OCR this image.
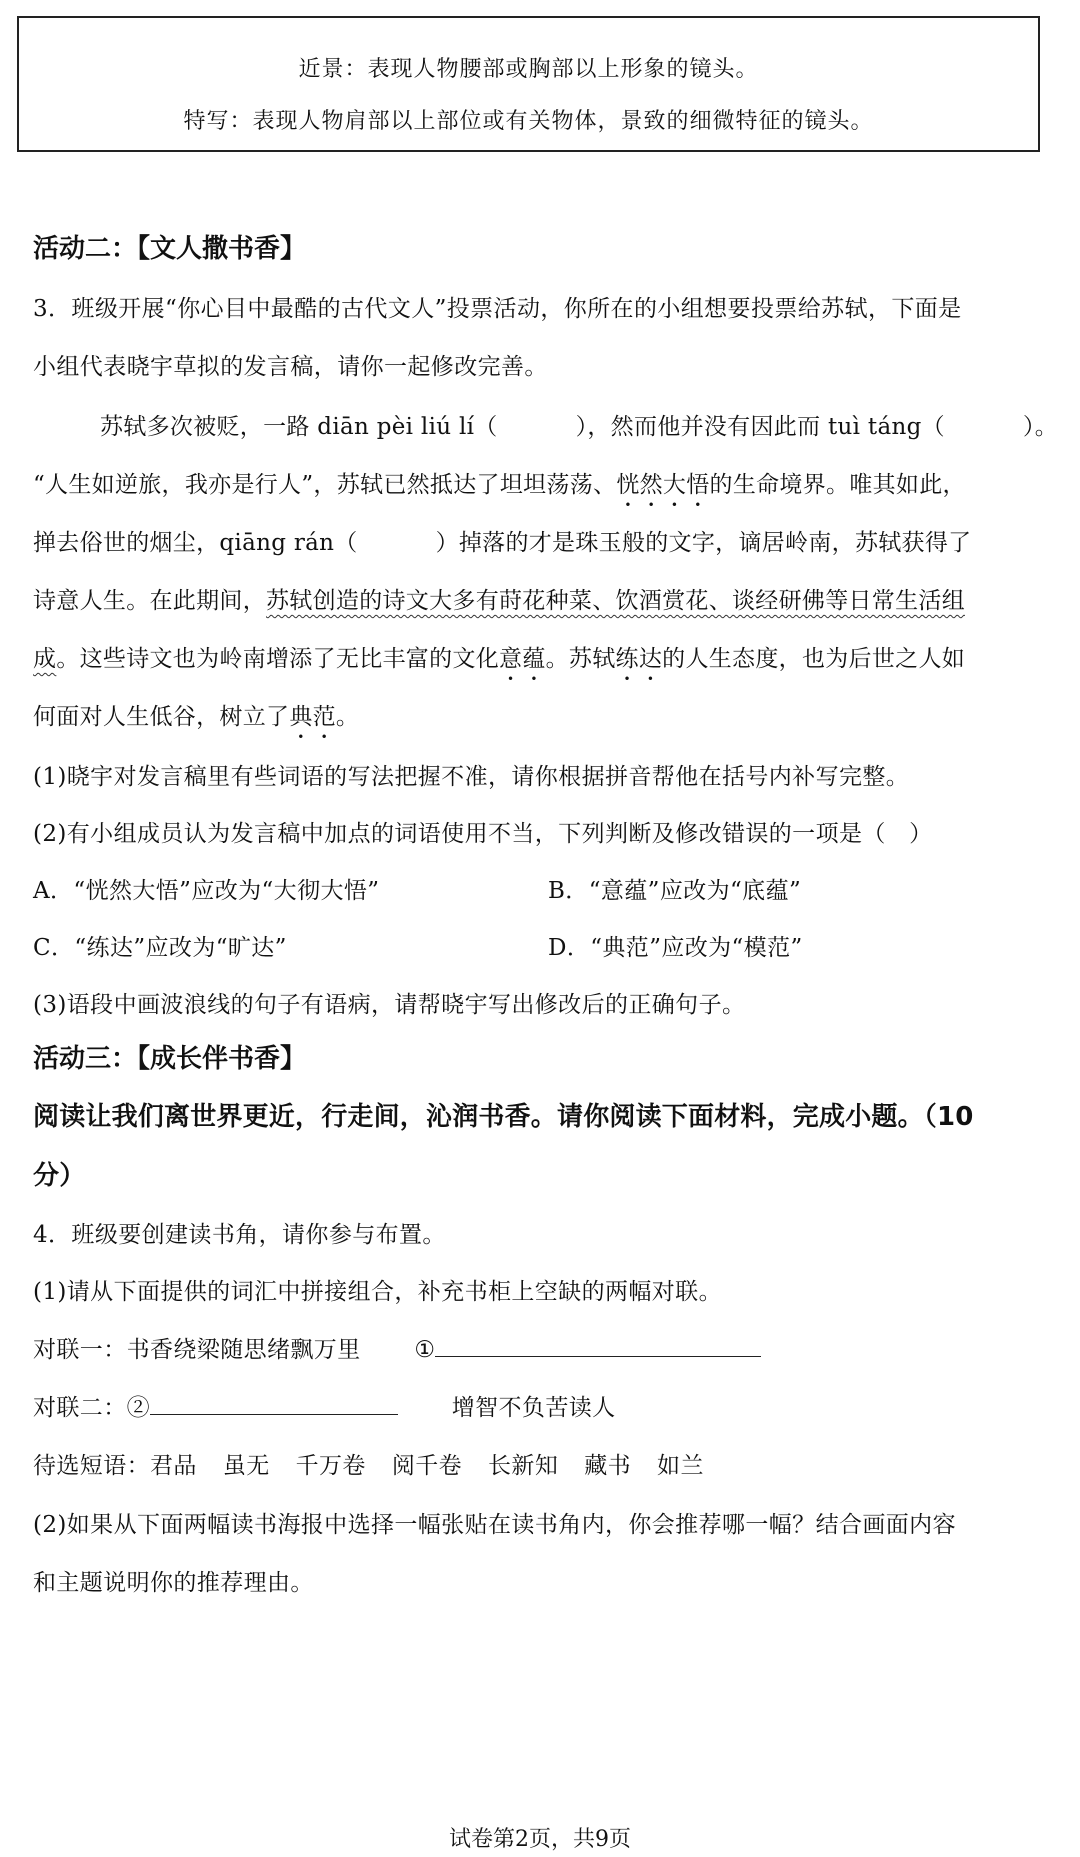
近景：表现人物腰部或胸部以上形象的镜头。
特写：表现人物肩部以上部位或有关物体，景致的细微特征的镜头。
活动二：【文人撒书香】
3．班级开展“你心目中最酷的古代文人”投票活动，你所在的小组想要投票给苏轼，下面是
小组代表晓宇草拟的发言稿，请你一起修改完善。
苏轼多次被贬，一路 diān pèi liú lí（	），然而他并没有因此而 tuì táng（	）。
“人生如逆旅，我亦是行人”，苏轼已然抵达了坦坦荡荡、恍然大悟的生命境界。唯其如此，
掸去俗世的烟尘，qiāng rán（	）掉落的才是珠玉般的文字，谪居岭南，苏轼获得了
诗意人生。在此期间，苏轼创造的诗文大多有莳花种菜、饮酒赏花、谈经研佛等日常生活组
成。这些诗文也为岭南增添了无比丰富的文化意蕴。苏轼练达的人生态度，也为后世之人如
何面对人生低谷，树立了典范。
(1)晓宇对发言稿里有些词语的写法把握不准，请你根据拼音帮他在括号内补写完整。
(2)有小组成员认为发言稿中加点的词语使用不当，下列判断及修改错误的一项是（　）
A．“恍然大悟”应改为“大彻大悟”	B．“意蕴”应改为“底蕴”
C．“练达”应改为“旷达”	D．“典范”应改为“模范”
(3)语段中画波浪线的句子有语病，请帮晓宇写出修改后的正确句子。
活动三：【成长伴书香】
阅读让我们离世界更近，行走间，沁润书香。请你阅读下面材料，完成小题。（10
分）
4．班级要创建读书角，请你参与布置。
(1)请从下面提供的词汇中拼接组合，补充书柜上空缺的两幅对联。
对联一：书香绕梁随思绪飘万里 ①
对联二：②	增智不负苦读人
待选短语：君品 虽无 千万卷 阅千卷 长新知 藏书 如兰
(2)如果从下面两幅读书海报中选择一幅张贴在读书角内，你会推荐哪一幅？结合画面内容
和主题说明你的推荐理由。
试卷第2页，共9页
